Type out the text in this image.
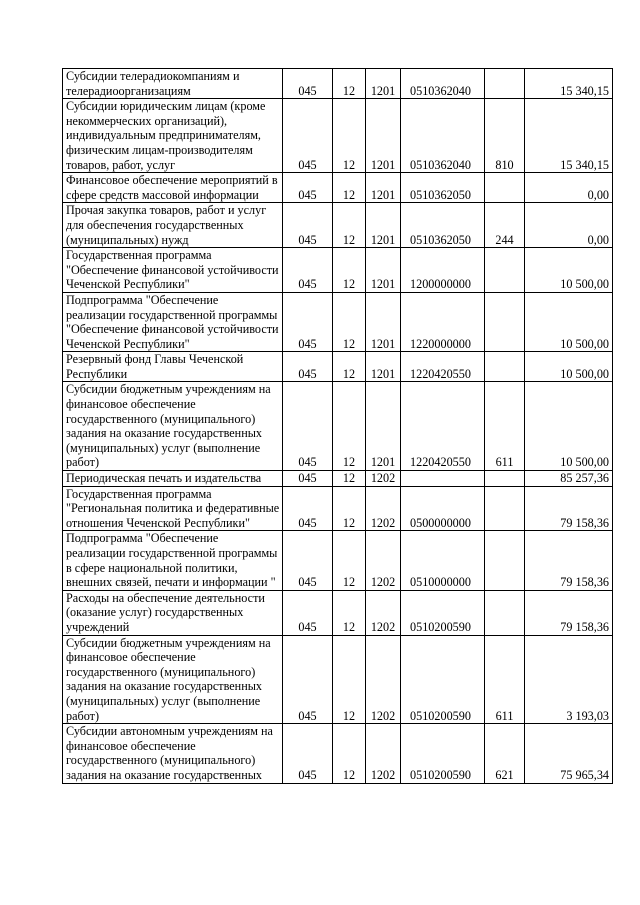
Субсидии телерадиокомпаниям и телерадиоорганизациям	045	12	1201	0510362040		15 340,15
Субсидии юридическим лицам (кроме некоммерческих организаций), индивидуальным предпринимателям, физическим лицам-производителям товаров, работ, услуг	045	12	1201	0510362040	810	15 340,15
Финансовое обеспечение мероприятий в сфере средств массовой информации	045	12	1201	0510362050		0,00
Прочая закупка товаров, работ и услуг для обеспечения государственных (муниципальных) нужд	045	12	1201	0510362050	244	0,00
Государственная программа "Обеспечение финансовой устойчивости Чеченской Республики"	045	12	1201	1200000000		10 500,00
Подпрограмма "Обеспечение реализации государственной программы "Обеспечение финансовой устойчивости Чеченской Республики"	045	12	1201	1220000000		10 500,00
Резервный фонд Главы Чеченской Республики	045	12	1201	1220420550		10 500,00
Субсидии бюджетным учреждениям на финансовое обеспечение государственного (муниципального) задания на оказание государственных (муниципальных) услуг (выполнение работ)	045	12	1201	1220420550	611	10 500,00
Периодическая печать и издательства	045	12	1202			85 257,36
Государственная программа "Региональная политика и федеративные отношения Чеченской Республики"	045	12	1202	0500000000		79 158,36
Подпрограмма "Обеспечение реализации государственной программы в сфере национальной политики, внешних связей, печати и информации "	045	12	1202	0510000000		79 158,36
Расходы на обеспечение деятельности (оказание услуг) государственных учреждений	045	12	1202	0510200590		79 158,36
Субсидии бюджетным учреждениям на финансовое обеспечение государственного (муниципального) задания на оказание государственных (муниципальных) услуг (выполнение работ)	045	12	1202	0510200590	611	3 193,03
Субсидии автономным учреждениям на финансовое обеспечение государственного (муниципального) задания на оказание государственных	045	12	1202	0510200590	621	75 965,34
